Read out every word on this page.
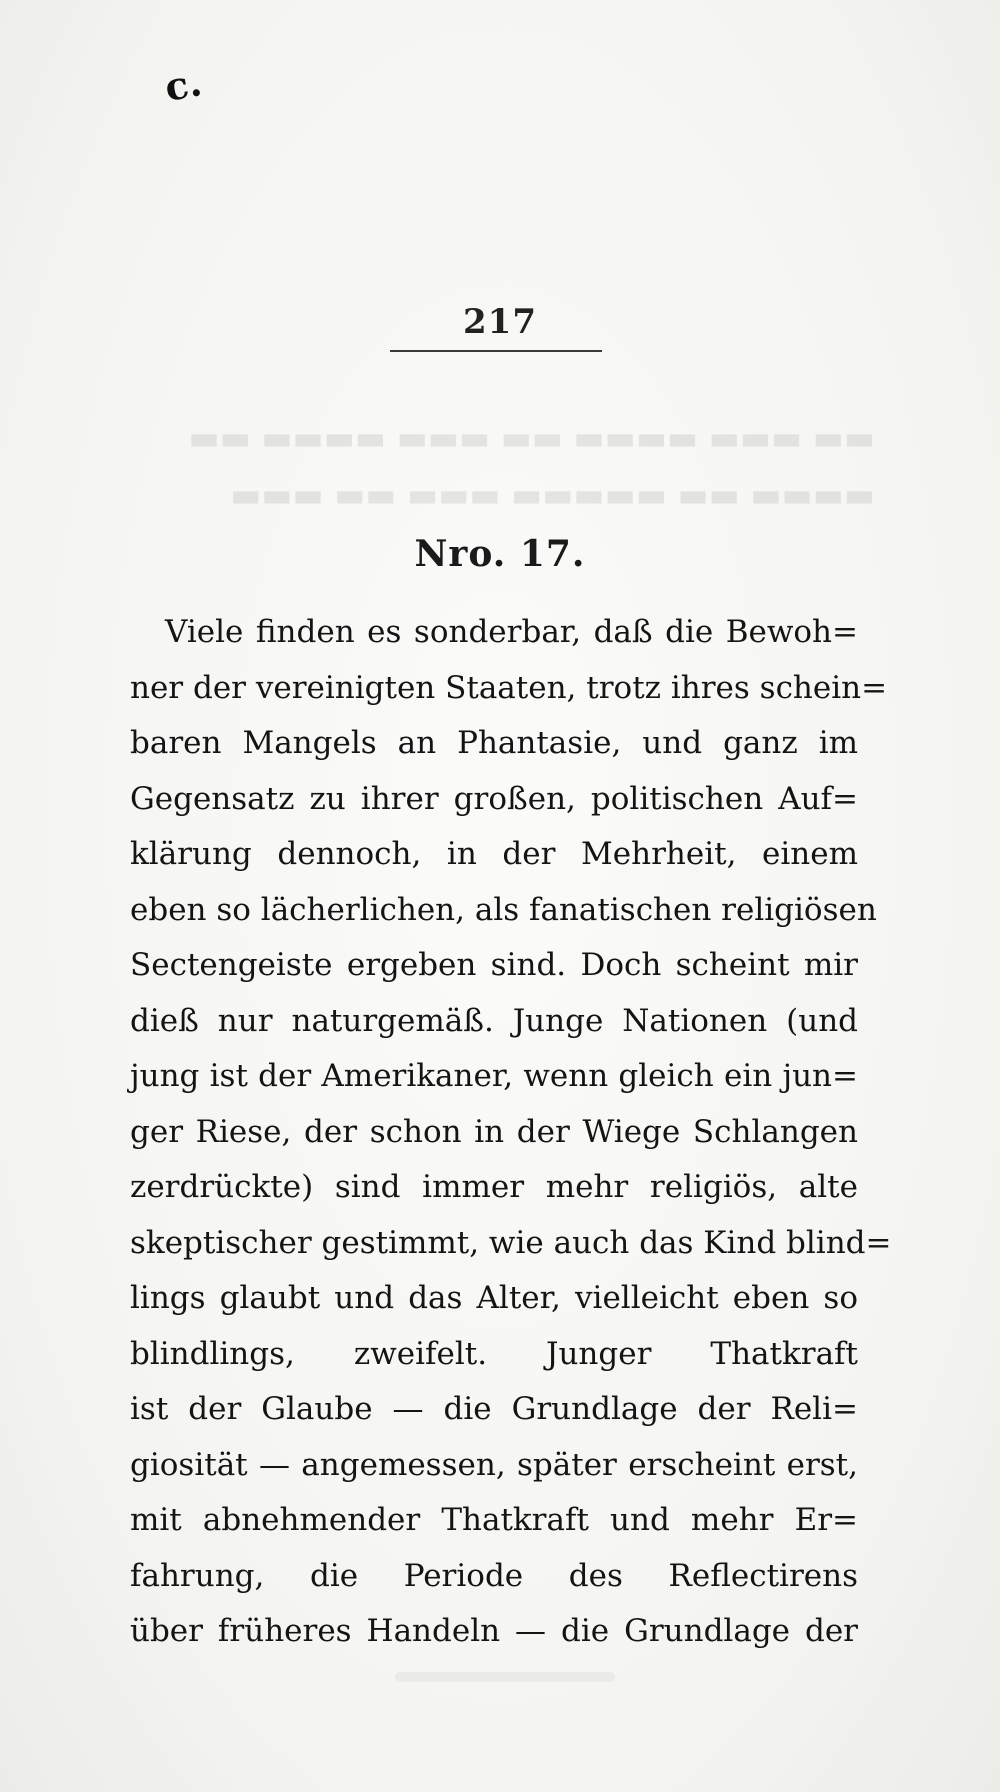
c.
217
▬▬ ▬▬▬ ▬▬▬▬ ▬▬ ▬▬▬ ▬▬▬▬ ▬▬
▬▬▬▬ ▬▬ ▬▬▬▬▬ ▬▬▬ ▬▬ ▬▬▬
Nro. 17.
Viele finden es sonderbar, daß die Bewoh=
ner der vereinigten Staaten, trotz ihres schein=
baren Mangels an Phantasie, und ganz im
Gegensatz zu ihrer großen, politischen Auf=
klärung dennoch, in der Mehrheit, einem
eben so lächerlichen, als fanatischen religiösen
Sectengeiste ergeben sind. Doch scheint mir
dieß nur naturgemäß. Junge Nationen (und
jung ist der Amerikaner, wenn gleich ein jun=
ger Riese, der schon in der Wiege Schlangen
zerdrückte) sind immer mehr religiös, alte
skeptischer gestimmt, wie auch das Kind blind=
lings glaubt und das Alter, vielleicht eben so
blindlings, zweifelt. Junger Thatkraft
ist der Glaube — die Grundlage der Reli=
giosität — angemessen, später erscheint erst,
mit abnehmender Thatkraft und mehr Er=
fahrung, die Periode des Reflectirens
über früheres Handeln — die Grundlage der
